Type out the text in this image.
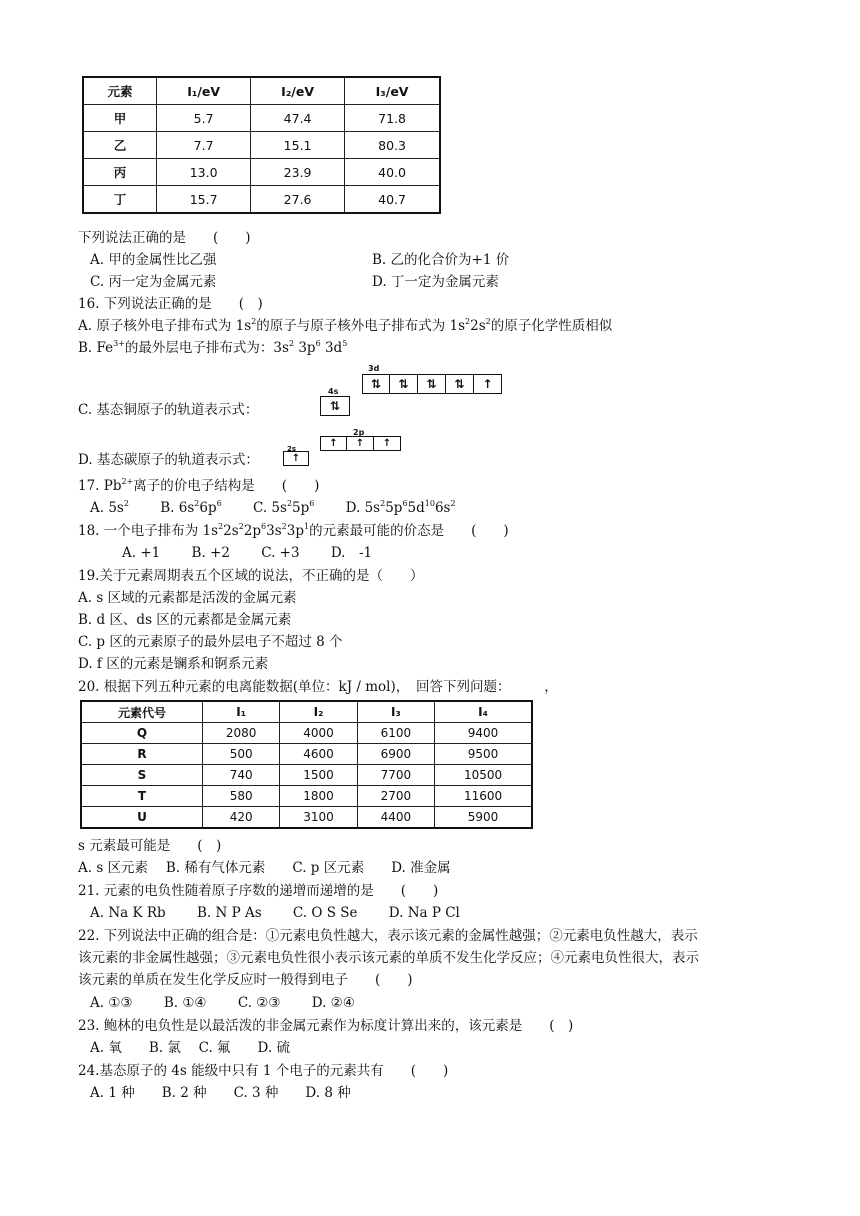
元素	I₁/eV	I₂/eV	I₃/eV
甲	5.7	47.4	71.8
乙	7.7	15.1	80.3
丙	13.0	23.9	40.0
丁	15.7	27.6	40.7
下列说法正确的是　　(　　)
A. 甲的金属性比乙强	B. 乙的化合价为+1 价
C. 丙一定为金属元素	D. 丁一定为金属元素
16. 下列说法正确的是　　(　)
A. 原子核外电子排布式为 $1s^2$的原子与原子核外电子排布式为 $1s^22s^2$的原子化学性质相似
B. $Fe^{3+}$的最外层电子排布式为：$3s^2$ $3p^6$ $3d^5$
3d
⇅	⇅	⇅	⇅	↑
4s
⇅
C. 基态铜原子的轨道表示式：
2p
↑	↑	↑
2s
↑
D. 基态碳原子的轨道表示式：
17. $Pb^{2+}$离子的价电子结构是　　(　　)
A. $5s^2$　　 B. $6s^26p^6$　　 C. $5s^25p^6$　　 D. $5s^25p^65d^{10}6s^2$
18. 一个电子排布为 $1s^22s^22p^63s^23p^1$的元素最可能的价态是　　(　　)
A. +1　　 B. +2　　 C. +3　　 D.　-1
19.关于元素周期表五个区域的说法，不正确的是（　　）
A. s 区域的元素都是活泼的金属元素
B. d 区、ds 区的元素都是金属元素
C. p 区的元素原子的最外层电子不超过 8 个
D. f 区的元素是镧系和锕系元素
20. 根据下列五种元素的电离能数据(单位：kJ / mol)，　回答下列问题：　　　，
元素代号	I₁	I₂	I₃	I₄
Q	2080	4000	6100	9400
R	500	4600	6900	9500
S	740	1500	7700	10500
T	580	1800	2700	11600
U	420	3100	4400	5900
s 元素最可能是　　(　)
A. s 区元素　 B. 稀有气体元素　　C. p 区元素　　D. 准金属
21. 元素的电负性随着原子序数的递增而递增的是　　(　　)
A. Na K Rb　　 B. N P As　　 C. O S Se　　 D. Na P Cl
22. 下列说法中正确的组合是：①元素电负性越大，表示该元素的金属性越强；②元素电负性越大，表示
该元素的非金属性越强；③元素电负性很小表示该元素的单质不发生化学反应；④元素电负性很大，表示
该元素的单质在发生化学反应时一般得到电子　　(　　)
A. ①③　　 B. ①④　　 C. ②③　　 D. ②④
23. 鲍林的电负性是以最活泼的非金属元素作为标度计算出来的，该元素是　　(　)
A. 氧　　B. 氯　 C. 氟　　D. 硫
24.基态原子的 4s 能级中只有 1 个电子的元素共有　　(　　)
A. 1 种　　B. 2 种　　C. 3 种　　D. 8 种
